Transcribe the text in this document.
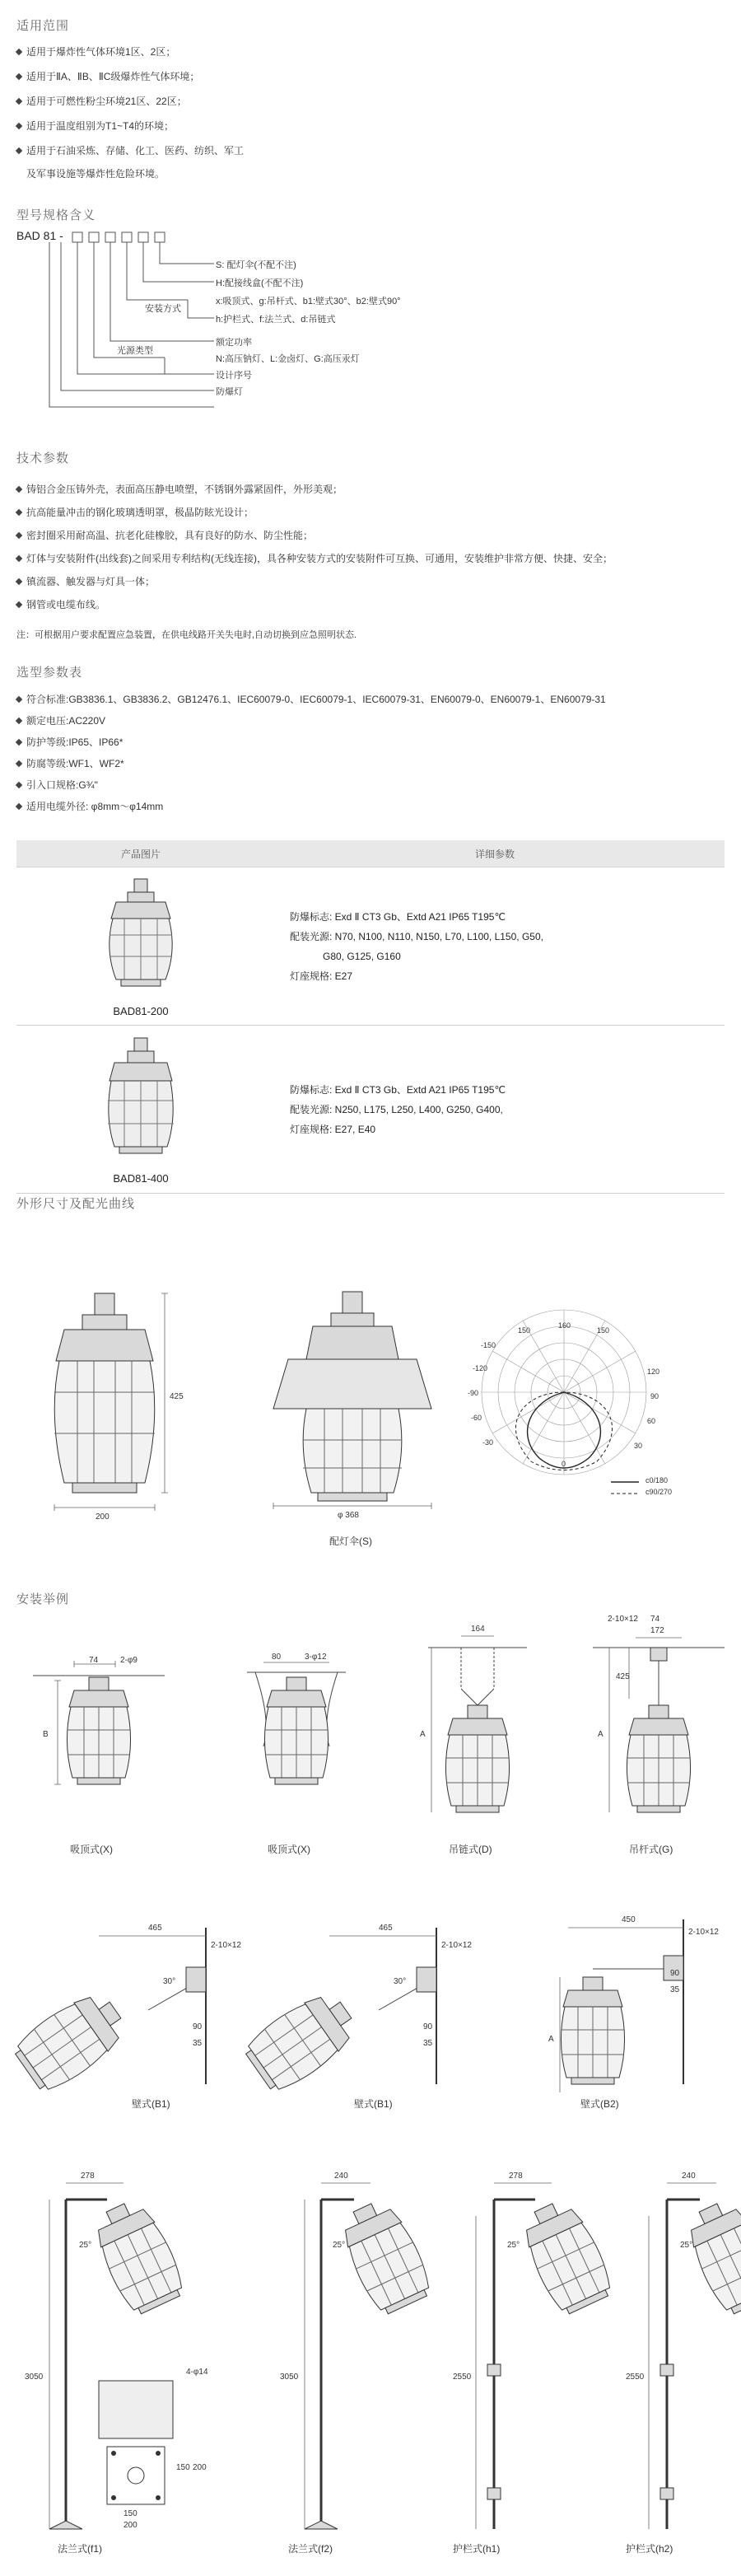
适用范围
适用于爆炸性气体环境1区、2区；
适用于ⅡA、ⅡB、ⅡC级爆炸性气体环境；
适用于可燃性粉尘环境21区、22区；
适用于温度组别为T1~T4的环境；
适用于石油采炼、存储、化工、医药、纺织、军工
及军事设施等爆炸性危险环境。
型号规格含义
BAD 81 -
S: 配灯伞(不配不注)
H:配接线盒(不配不注)
x:吸顶式、g:吊杆式、b1:壁式30°、b2:壁式90°
h:护栏式、f:法兰式、d:吊链式
额定功率
N:高压钠灯、L:金卤灯、G:高压汞灯
设计序号
防爆灯
安装方式
光源类型
技术参数
铸铝合金压铸外壳，表面高压静电喷塑，不锈钢外露紧固件，外形美观；
抗高能量冲击的钢化玻璃透明罩，极晶防眩光设计；
密封圈采用耐高温、抗老化硅橡胶，具有良好的防水、防尘性能；
灯体与安装附件(出线套)之间采用专利结构(无线连接)，具各种安装方式的安装附件可互换、可通用，安装维护非常方便、快捷、安全；
镇流器、触发器与灯具一体；
钢管或电缆布线。
注：可根据用户要求配置应急装置，在供电线路开关失电时,自动切换到应急照明状态.
选型参数表
符合标准:GB3836.1、GB3836.2、GB12476.1、IEC60079-0、IEC60079-1、IEC60079-31、EN60079-0、EN60079-1、EN60079-31
额定电压:AC220V
防护等级:IP65、IP66*
防腐等级:WF1、WF2*
引入口规格:G¾"
适用电缆外径: φ8mm～φ14mm
产品图片	详细参数

BAD81-200	防爆标志: Exd Ⅱ CT3 Gb、Extd A21 IP65 T195℃
配装光源: N70, N100, N110, N150, L70, L100, L150, G50,
G80, G125, G160
灯座规格: E27

BAD81-400	防爆标志: Exd Ⅱ CT3 Gb、Extd A21 IP65 T195℃
配装光源: N250, L175, L250, L400, G250, G400,
灯座规格: E27, E40
外形尺寸及配光曲线
425
200	φ 368
配灯伞(S)
150
160
150
-150
-120
-90
-60
-30
120
90
60
30
0
c0/180
c90/270
安装举例
74	2-φ9
B
吸顶式(X)
80	3-φ12
吸顶式(X)
164
A
吊链式(D)
172
2-10×12 74
425
A
吊杆式(G)
465
2-10×12
30°
90
35
壁式(B1)
465
2-10×12
30°
90
35
壁式(B1)
450
2-10×12
90
35
A
壁式(B2)
278
3050
25°
法兰式(f1)
240
3050
25°
法兰式(f2)
278
2550
25°
护栏式(h1)
240
2550
25°
护栏式(h2)
4-φ14
150 200
150
200
